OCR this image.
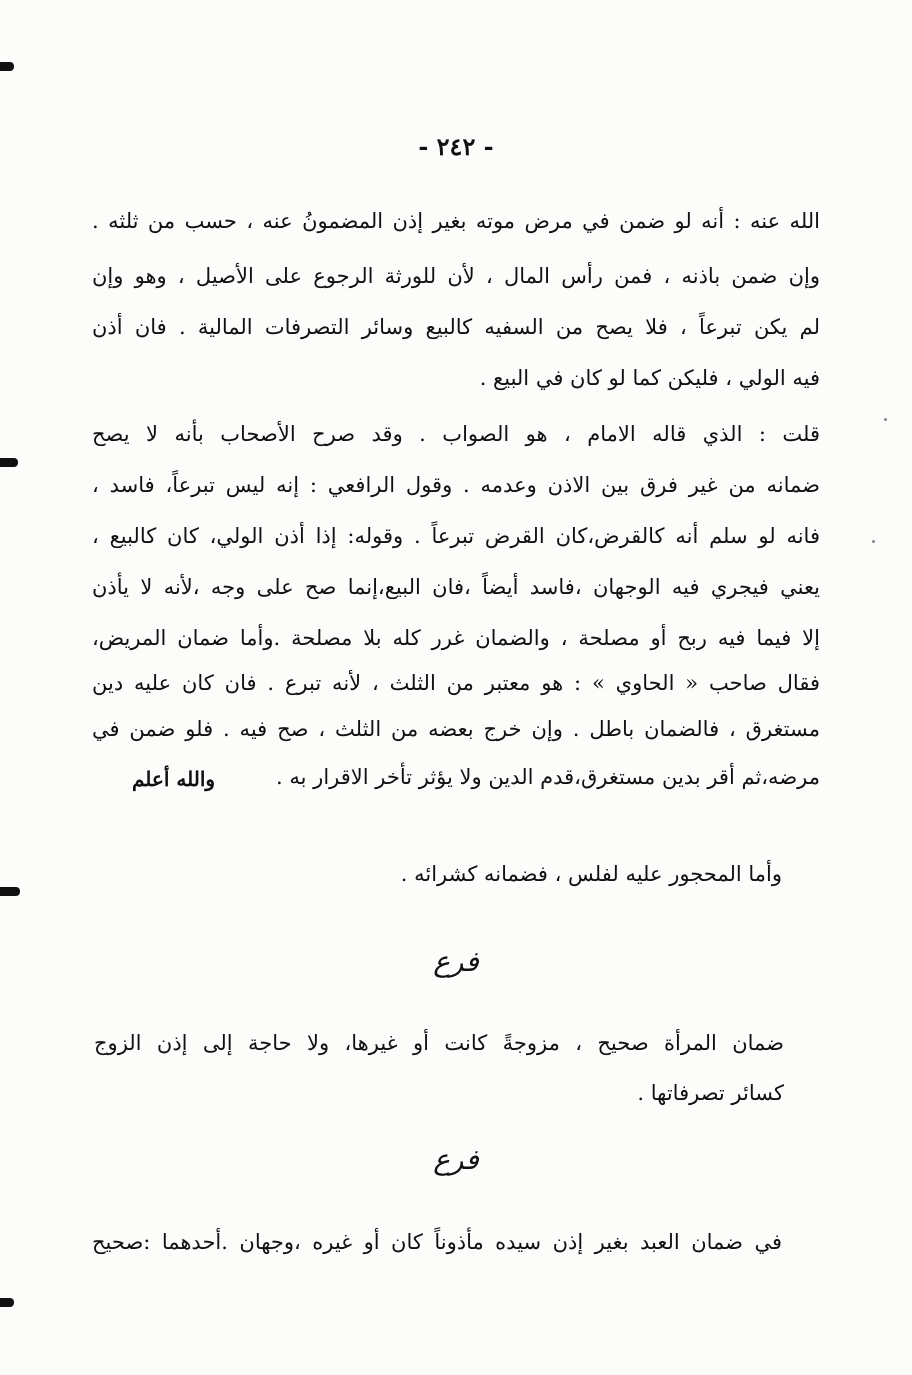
- ٢٤٢ -
الله عنه : أنه لو ضمن في مرض موته بغير إذن المضمونُ عنه ، حسب من ثلثه .
وإن ضمن باذنه ، فمن رأس المال ، لأن للورثة الرجوع على الأصيل ، وهو وإن
لم يكن تبرعاً ، فلا يصح من السفيه كالبيع وسائر التصرفات المالية . فان أذن
فيه الولي ، فليكن كما لو كان في البيع .
قلت : الذي قاله الامام ، هو الصواب . وقد صرح الأصحاب بأنه لا يصح
ضمانه من غير فرق بين الاذن وعدمه . وقول الرافعي : إنه ليس تبرعاً، فاسد ،
فانه لو سلم أنه كالقرض،كان القرض تبرعاً . وقوله: إذا أذن الولي، كان كالبيع ،
يعني فيجري فيه الوجهان ،فاسد أيضاً ،فان البيع،إنما صح على وجه ،لأنه لا يأذن
إلا فيما فيه ربح أو مصلحة ، والضمان غرر كله بلا مصلحة .وأما ضمان المريض،
فقال صاحب « الحاوي » : هو معتبر من الثلث ، لأنه تبرع . فان كان عليه دين
مستغرق ، فالضمان باطل . وإن خرج بعضه من الثلث ، صح فيه . فلو ضمن في
مرضه،ثم أقر بدين مستغرق،قدم الدين ولا يؤثر تأخر الاقرار به .
والله أعلم
وأما المحجور عليه لفلس ، فضمانه كشرائه .
فرع
ضمان المرأة صحيح ، مزوجةً كانت أو غيرها، ولا حاجة إلى إذن الزوج
كسائر تصرفاتها .
فرع
في ضمان العبد بغير إذن سيده مأذوناً كان أو غيره ،وجهان .أحدهما :صحيح
